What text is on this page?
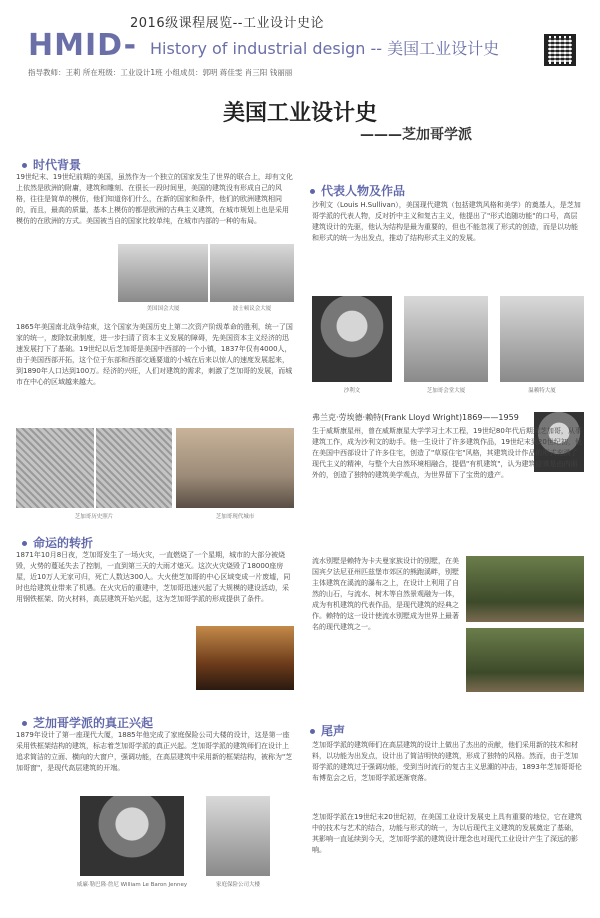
2016级课程展览--工业设计史论
HMID- History of industrial design -- 美国工业设计史
指导教师：王莉 所在班级：工业设计1班 小组成员：郭明 蒋佳雯 肖三阳 钱丽丽
美国工业设计史
———芝加哥学派
时代背景
19世纪末、19世纪前期的美国，虽然作为一个独立的国家发生了世界的联合上，却有文化上依然是欧洲的附庸，建筑和雕刻、在很长一段时间里，美国的建筑没有形成自己的风格，往往是简单的模仿，他们知道你们什么，在新的国家和条件，他们的欧洲建筑相同的，而且，最高的质量，基本上模仿的都是欧洲的古典主义建筑，在城市规划上也是采用模仿的在欧洲的方式。美国被当自的国家比较单纯，在城市内部的一种的布局。
美国国会大厦	波士顿议会大厦
1865年美国南北战争结束，这个国家为美国历史上第二次资产阶级革命的胜利，统一了国家的统一，废除奴隶制度，进一步扫清了资本主义发展的障碍，先美国资本主义经济的迅速发展打下了基础。19世纪以后芝加哥是美国中西部的一个小镇，1837年仅有4000人，由于美国西部开拓，这个位于东部和西部交通要道的小城在后来以惊人的速度发展起来，到1890年人口达到100万。经济的兴旺，人们对建筑的需求，刺激了芝加哥的发展，而城市在中心的区域越来越大。
芝加哥历史照片	芝加哥现代城市
代表人物及作品
沙利文（Louis H.Sullivan），美国现代建筑（包括建筑风格和美学）的奠基人，是芝加哥学派的代表人物，反对折中主义和复古主义，他提出了"形式追随功能"的口号，高层建筑设计的先驱，他认为结构是最为重要的，但也不能忽视了形式的创造，而是以功能和形式的统一为出发点，推动了结构形式主义的发展。
沙利文	芝加哥会堂大厦	温赖特大厦
弗兰克·劳埃德·赖特(Frank Lloyd Wright)1869——1959
生于威斯康星州，曾在威斯康星大学学习土木工程，19世纪80年代后期到芝加哥，从事建筑工作，成为沙利文的助手。他一生设计了许多建筑作品，19世纪末到20世纪初，他在美国中西部设计了许多住宅，创造了"草原住宅"风格，其建筑设计作品的形式充满了现代主义的精神，与整个大自然环境相融合，提倡"有机建筑"，认为建筑应该是由内而外的，创造了独特的建筑美学观点，为世界留下了宝贵的遗产。
命运的转折
1871年10月8日夜，芝加哥发生了一场火灾，一直燃烧了一个星期，城市的大部分被烧毁，火势的蔓延失去了控制，一直到第三天的大雨才熄灭。这次火灾烧毁了18000座房屋，近10万人无家可归，死亡人数达300人。大火使芝加哥的中心区域变成一片废墟，同时也给建筑业带来了机遇。在火灾后的重建中，芝加哥迅速兴起了大规模的建设活动，采用钢铁框架、防火材料，高层建筑开始兴起，这为芝加哥学派的形成提供了条件。
流水别墅是赖特为卡夫曼家族设计的别墅，在美国宾夕法尼亚州匹兹堡市郊区的熊跑溪畔，别墅主体建筑在溪流的瀑布之上，在设计上利用了自然的山石，与流水、树木等自然景观融为一体，成为有机建筑的代表作品，是现代建筑的经典之作。赖特的这一设计使流水别墅成为世界上最著名的现代建筑之一。
芝加哥学派的真正兴起
1879年设计了第一座现代大厦，1885年他完成了家庭保险公司大楼的设计，这是第一座采用铁框架结构的建筑，标志着芝加哥学派的真正兴起。芝加哥学派的建筑师们在设计上追求简洁的立面、横向的大窗户，强调功能，在高层建筑中采用新的框架结构，被称为"芝加哥窗"，是现代高层建筑的开端。
威廉·勒巴隆·詹尼 William Le Baron Jenney	家庭保险公司大楼
尾声
芝加哥学派的建筑师们在高层建筑的设计上做出了杰出的贡献，他们采用新的技术和材料，以功能为出发点，设计出了简洁明快的建筑，形成了独特的风格。然而，由于芝加哥学派的建筑过于强调功能，受到当时流行的复古主义思潮的冲击，1893年芝加哥哥伦布博览会之后，芝加哥学派逐渐衰落。
芝加哥学派在19世纪末20世纪初，在美国工业设计发展史上具有重要的地位，它在建筑中的技术与艺术的结合，功能与形式的统一，为以后现代主义建筑的发展奠定了基础，其影响一直延续到今天，芝加哥学派的建筑设计理念也对现代工业设计产生了深远的影响。
